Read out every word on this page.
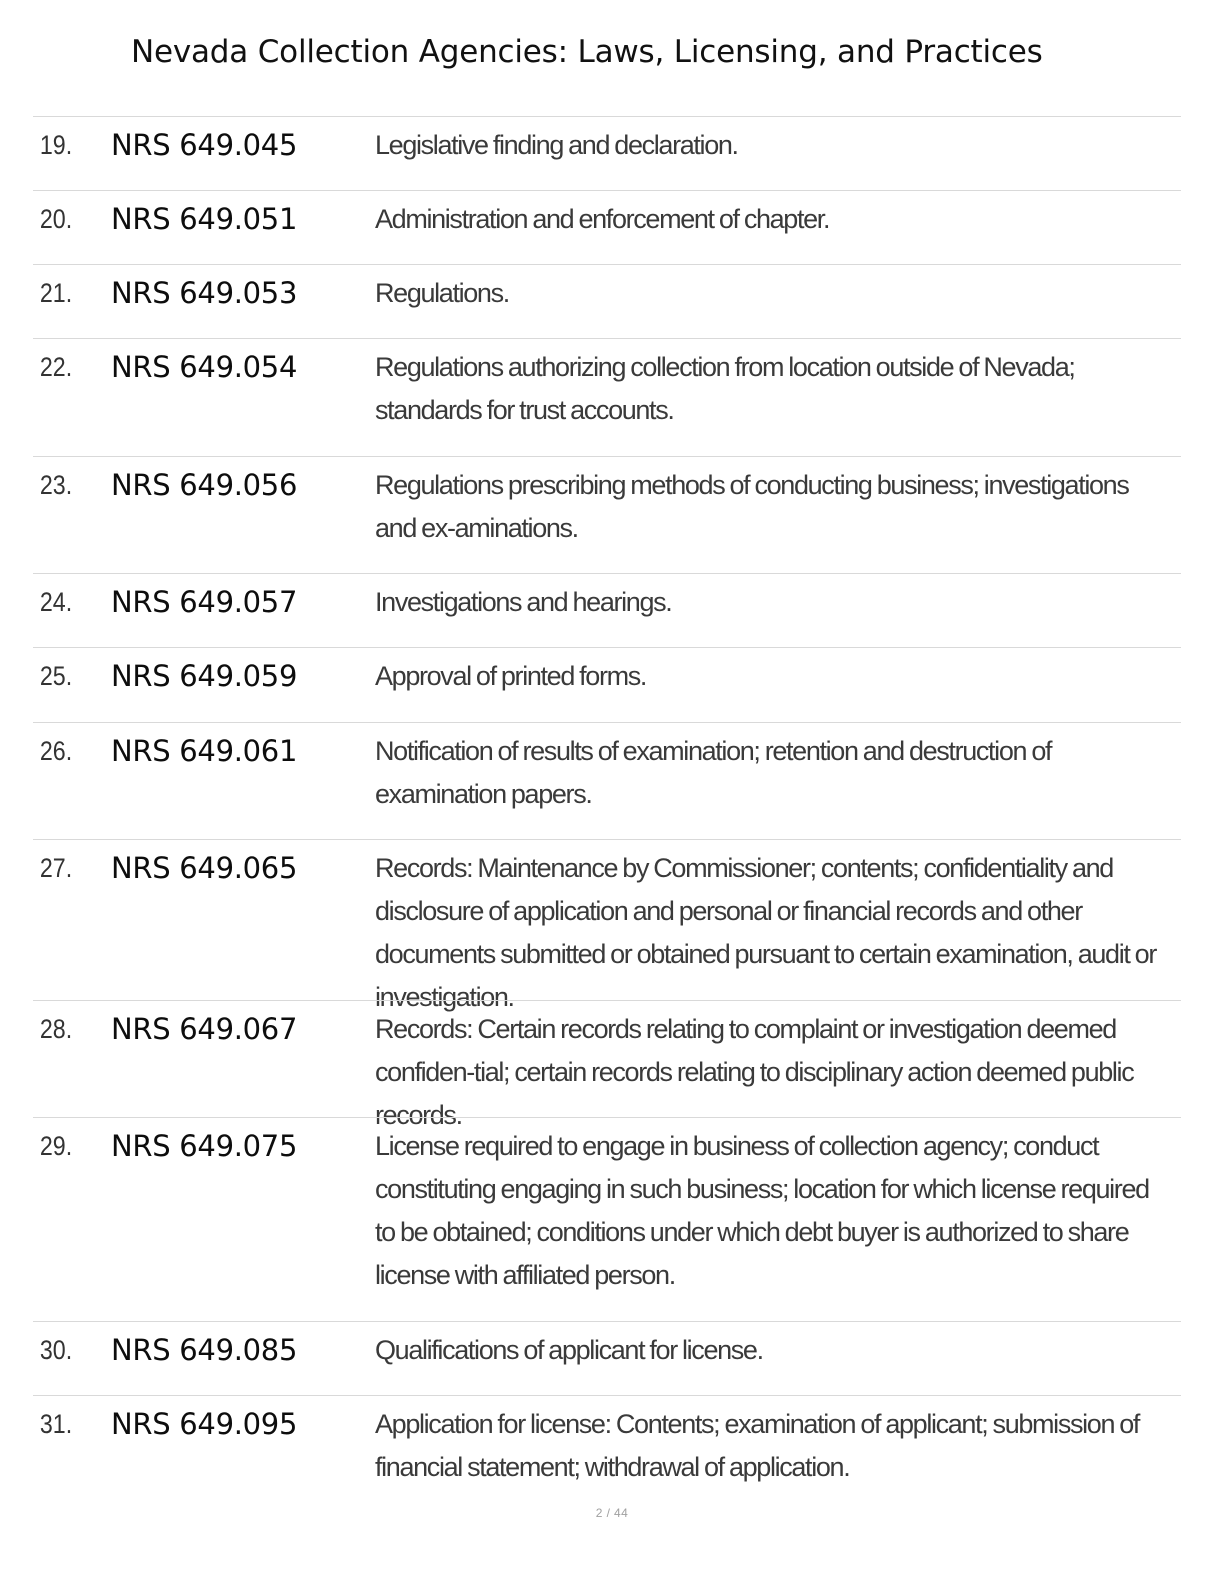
Nevada Collection Agencies: Laws, Licensing, and Practices
19.	NRS 649.045	Legislative finding and declaration.
20.	NRS 649.051	Administration and enforcement of chapter.
21.	NRS 649.053	Regulations.
22.	NRS 649.054	Regulations authorizing collection from location outside of Nevada; standards for trust accounts.
23.	NRS 649.056	Regulations prescribing methods of conducting business; investigations and ex-aminations.
24.	NRS 649.057	Investigations and hearings.
25.	NRS 649.059	Approval of printed forms.
26.	NRS 649.061	Notification of results of examination; retention and destruction of examination papers.
27.	NRS 649.065	Records: Maintenance by Commissioner; contents; confidentiality and disclosure of application and personal or financial records and other documents submitted or obtained pursuant to certain examination, audit or investigation.
28.	NRS 649.067	Records: Certain records relating to complaint or investigation deemed confiden-tial; certain records relating to disciplinary action deemed public records.
29.	NRS 649.075	License required to engage in business of collection agency; conduct constituting engaging in such business; location for which license required to be obtained; conditions under which debt buyer is authorized to share license with affiliated person.
30.	NRS 649.085	Qualifications of applicant for license.
31.	NRS 649.095	Application for license: Contents; examination of applicant; submission of financial statement; withdrawal of application.
2 / 44
